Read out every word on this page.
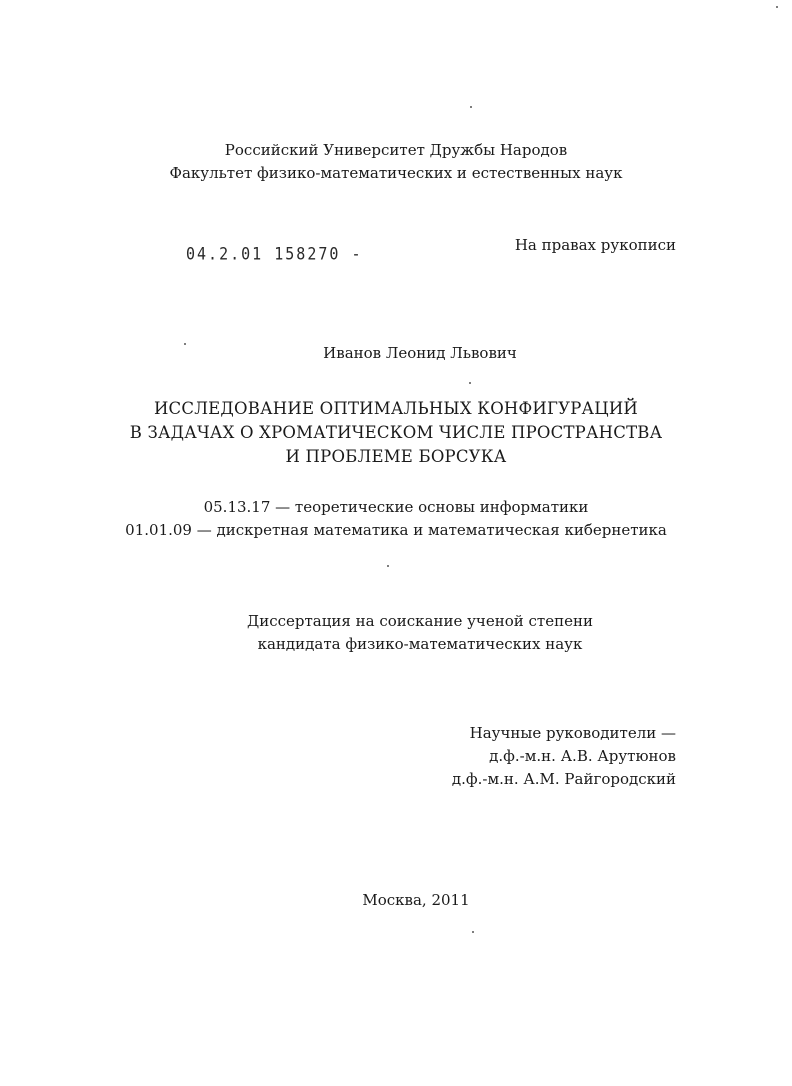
Российский Университет Дружбы Народов
Факультет физико-математических и естественных наук
04.2.01 158270 -	На правах рукописи
Иванов Леонид Львович
ИССЛЕДОВАНИЕ ОПТИМАЛЬНЫХ КОНФИГУРАЦИЙ
В ЗАДАЧАХ О ХРОМАТИЧЕСКОМ ЧИСЛЕ ПРОСТРАНСТВА
И ПРОБЛЕМЕ БОРСУКА
05.13.17 — теоретические основы информатики
01.01.09 — дискретная математика и математическая кибернетика
Диссертация на соискание ученой степени
кандидата физико-математических наук
Научные руководители —
д.ф.-м.н. А.В. Арутюнов
д.ф.-м.н. А.М. Райгородский
Москва, 2011
